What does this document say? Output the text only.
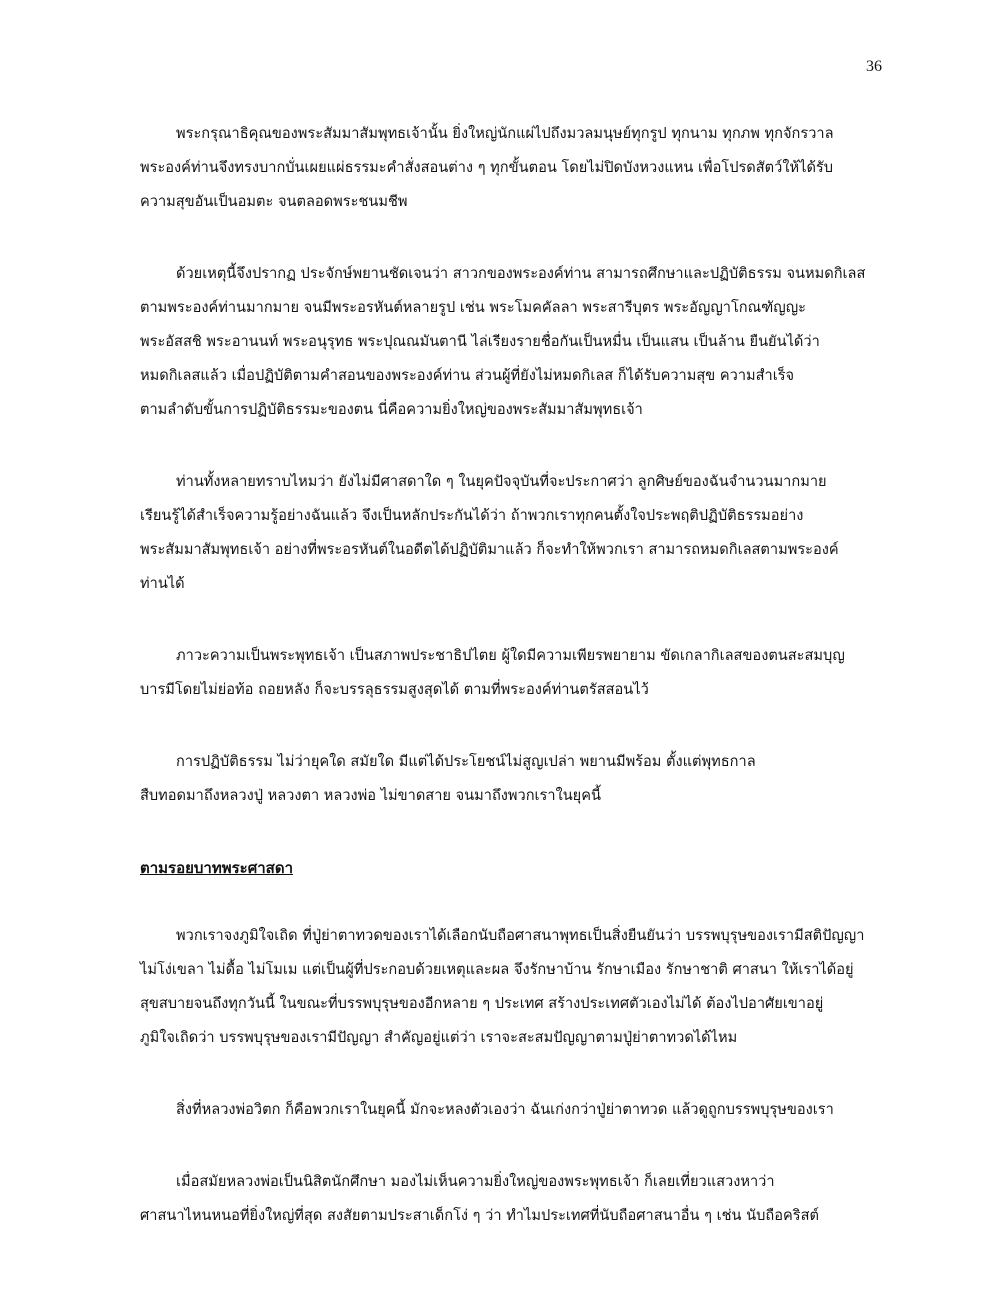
36

พระกรุณาธิคุณของพระสัมมาสัมพุทธเจ้านั้น ยิ่งใหญ่นักแผ่ไปถึงมวลมนุษย์ทุกรูป ทุกนาม ทุกภพ ทุกจักรวาล
พระองค์ท่านจึงทรงบากบั่นเผยแผ่ธรรมะคำสั่งสอนต่าง ๆ ทุกขั้นตอน โดยไม่ปิดบังหวงแหน เพื่อโปรดสัตว์ให้ได้รับ
ความสุขอันเป็นอมตะ จนตลอดพระชนมชีพ

ด้วยเหตุนี้จึงปรากฏ ประจักษ์พยานชัดเจนว่า สาวกของพระองค์ท่าน สามารถศึกษาและปฏิบัติธรรม จนหมดกิเลส
ตามพระองค์ท่านมากมาย จนมีพระอรหันต์หลายรูป เช่น พระโมคคัลลา พระสารีบุตร พระอัญญาโกณฑัญญะ
พระอัสสชิ พระอานนท์ พระอนุรุทธ พระปุณณมันตานี ไล่เรียงรายชื่อกันเป็นหมื่น เป็นแสน เป็นล้าน ยืนยันได้ว่า
หมดกิเลสแล้ว เมื่อปฏิบัติตามคำสอนของพระองค์ท่าน ส่วนผู้ที่ยังไม่หมดกิเลส ก็ได้รับความสุข ความสำเร็จ
ตามลำดับขั้นการปฏิบัติธรรมะของตน นี่คือความยิ่งใหญ่ของพระสัมมาสัมพุทธเจ้า

ท่านทั้งหลายทราบไหมว่า ยังไม่มีศาสดาใด ๆ ในยุคปัจจุบันที่จะประกาศว่า ลูกศิษย์ของฉันจำนวนมากมาย
เรียนรู้ได้สำเร็จความรู้อย่างฉันแล้ว จึงเป็นหลักประกันได้ว่า ถ้าพวกเราทุกคนตั้งใจประพฤติปฏิบัติธรรมอย่าง
พระสัมมาสัมพุทธเจ้า อย่างที่พระอรหันต์ในอดีตได้ปฏิบัติมาแล้ว ก็จะทำให้พวกเรา สามารถหมดกิเลสตามพระองค์
ท่านได้

ภาวะความเป็นพระพุทธเจ้า เป็นสภาพประชาธิปไตย ผู้ใดมีความเพียรพยายาม ขัดเกลากิเลสของตนสะสมบุญ
บารมีโดยไม่ย่อท้อ ถอยหลัง ก็จะบรรลุธรรมสูงสุดได้ ตามที่พระองค์ท่านตรัสสอนไว้

การปฏิบัติธรรม ไม่ว่ายุคใด สมัยใด มีแต่ได้ประโยชน์ไม่สูญเปล่า พยานมีพร้อม ตั้งแต่พุทธกาล
สืบทอดมาถึงหลวงปู่ หลวงตา หลวงพ่อ ไม่ขาดสาย จนมาถึงพวกเราในยุคนี้

ตามรอยบาทพระศาสดา

พวกเราจงภูมิใจเถิด ที่ปู่ย่าตาทวดของเราได้เลือกนับถือศาสนาพุทธเป็นสิ่งยืนยันว่า บรรพบุรุษของเรามีสติปัญญา
ไม่โง่เขลา ไม่ดื้อ ไม่โมเม แต่เป็นผู้ที่ประกอบด้วยเหตุและผล จึงรักษาบ้าน รักษาเมือง รักษาชาติ ศาสนา ให้เราได้อยู่
สุขสบายจนถึงทุกวันนี้ ในขณะที่บรรพบุรุษของอีกหลาย ๆ ประเทศ สร้างประเทศตัวเองไม่ได้ ต้องไปอาศัยเขาอยู่
ภูมิใจเถิดว่า บรรพบุรุษของเรามีปัญญา สำคัญอยู่แต่ว่า เราจะสะสมปัญญาตามปู่ย่าตาทวดได้ไหม

สิ่งที่หลวงพ่อวิตก ก็คือพวกเราในยุคนี้ มักจะหลงตัวเองว่า ฉันเก่งกว่าปู่ย่าตาทวด แล้วดูถูกบรรพบุรุษของเรา

เมื่อสมัยหลวงพ่อเป็นนิสิตนักศึกษา มองไม่เห็นความยิ่งใหญ่ของพระพุทธเจ้า ก็เลยเที่ยวแสวงหาว่า
ศาสนาไหนหนอที่ยิ่งใหญ่ที่สุด สงสัยตามประสาเด็กโง่ ๆ ว่า ทำไมประเทศที่นับถือศาสนาอื่น ๆ เช่น นับถือคริสต์
